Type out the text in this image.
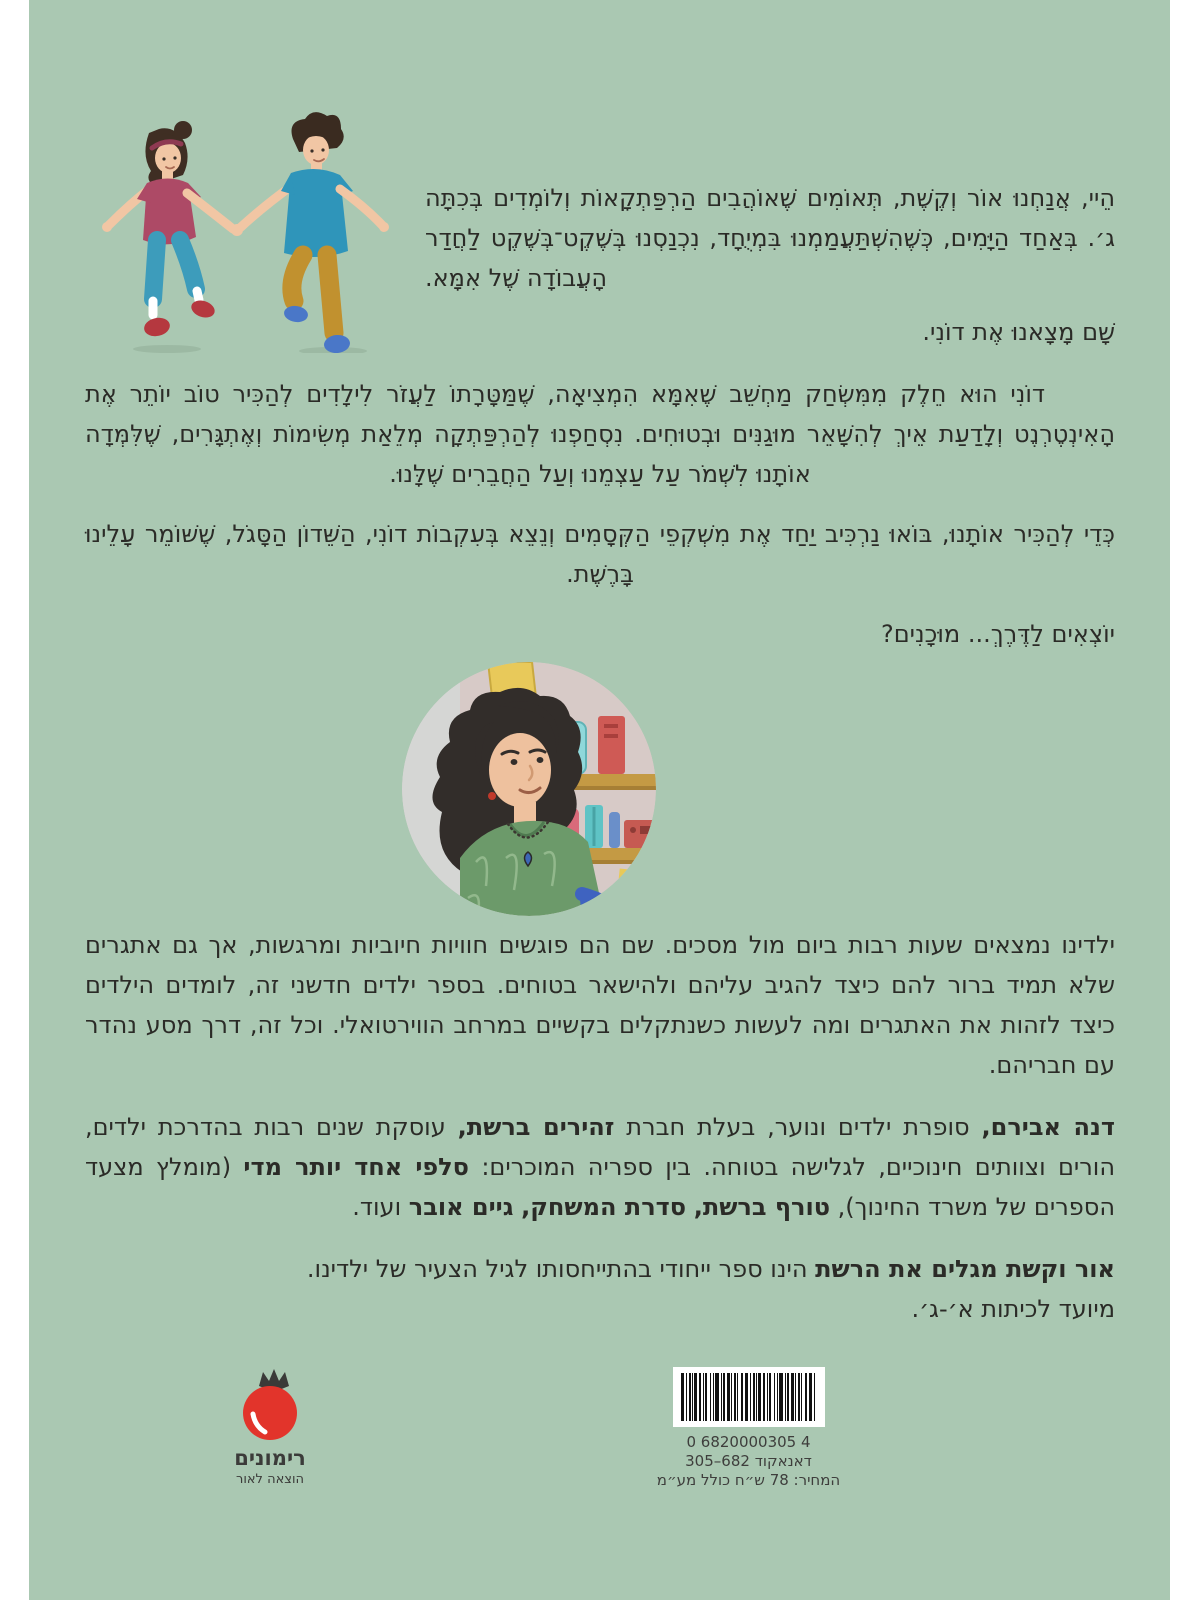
הֵיי, אֲנַחְנוּ אוֹר וְקֶשֶׁת, תְּאוֹמִים שֶׁאוֹהֲבִים הַרְפַּתְקָאוֹת וְלוֹמְדִים בְּכִתָּה ג׳. בְּאַחַד הַיָּמִים, כְּשֶׁהִשְׁתַּעֲמַמְנוּ בִּמְיֻחָד, נִכְנַסְנוּ בְּשֶׁקֶט־בְּשֶׁקֶט לַחֲדַר הָעֲבוֹדָה שֶׁל אִמָּא.

שָׁם מָצָאנוּ אֶת דוֹנִי.

דוֹנִי הוּא חֵלֶק מִמִּשְׂחַק מַחְשֵׁב שֶׁאִמָּא הִמְצִיאָה, שֶׁמַּטָּרָתוֹ לַעֲזֹר לִילָדִים לְהַכִּיר טוֹב יוֹתֵר אֶת הָאִינְטֶרְנֶט וְלָדַעַת אֵיךְ לְהִשָּׁאֵר מוּגַנִּים וּבְטוּחִים. נִסְחַפְנוּ לְהַרְפַּתְקָה מְלֵאַת מְשִׂימוֹת וְאֶתְגָּרִים, שֶׁלִּמְּדָה אוֹתָנוּ לִשְׁמֹר עַל עַצְמֵנוּ וְעַל הַחֲבֵרִים שֶׁלָּנוּ.

כְּדֵי לְהַכִּיר אוֹתָנוּ, בּוֹאוּ נַרְכִּיב יַחַד אֶת מִשְׁקְפֵי הַקְּסָמִים וְנֵצֵא בְּעִקְבוֹת דוֹנִי, הַשֵּׁדוֹן הַסָּגֹל, שֶׁשּׁוֹמֵר עָלֵינוּ בָּרֶשֶׁת.

יוֹצְאִים לַדֶּרֶךְ... מוּכָנִים?

ילדינו נמצאים שעות רבות ביום מול מסכים. שם הם פוגשים חוויות חיוביות ומרגשות, אך גם אתגרים שלא תמיד ברור להם כיצד להגיב עליהם ולהישאר בטוחים. בספר ילדים חדשני זה, לומדים הילדים כיצד לזהות את האתגרים ומה לעשות כשנתקלים בקשיים במרחב הווירטואלי. וכל זה, דרך מסע נהדר עם חבריהם.

דנה אבירם, סופרת ילדים ונוער, בעלת חברת זהירים ברשת, עוסקת שנים רבות בהדרכת ילדים, הורים וצוותים חינוכיים, לגלישה בטוחה. בין ספריה המוכרים: סלפי אחד יותר מדי (מומלץ מצעד הספרים של משרד החינוך), טורף ברשת, סדרת המשחק, גיים אובר ועוד.

אור וקשת מגלים את הרשת הינו ספר ייחודי בהתייחסותו לגיל הצעיר של ילדינו.

מיועד לכיתות א׳-ג׳.

רימונים
הוצאה לאור
0 6820000305 4
דאנאקוד 682–305
המחיר: 78 ש״ח כולל מע״מ
